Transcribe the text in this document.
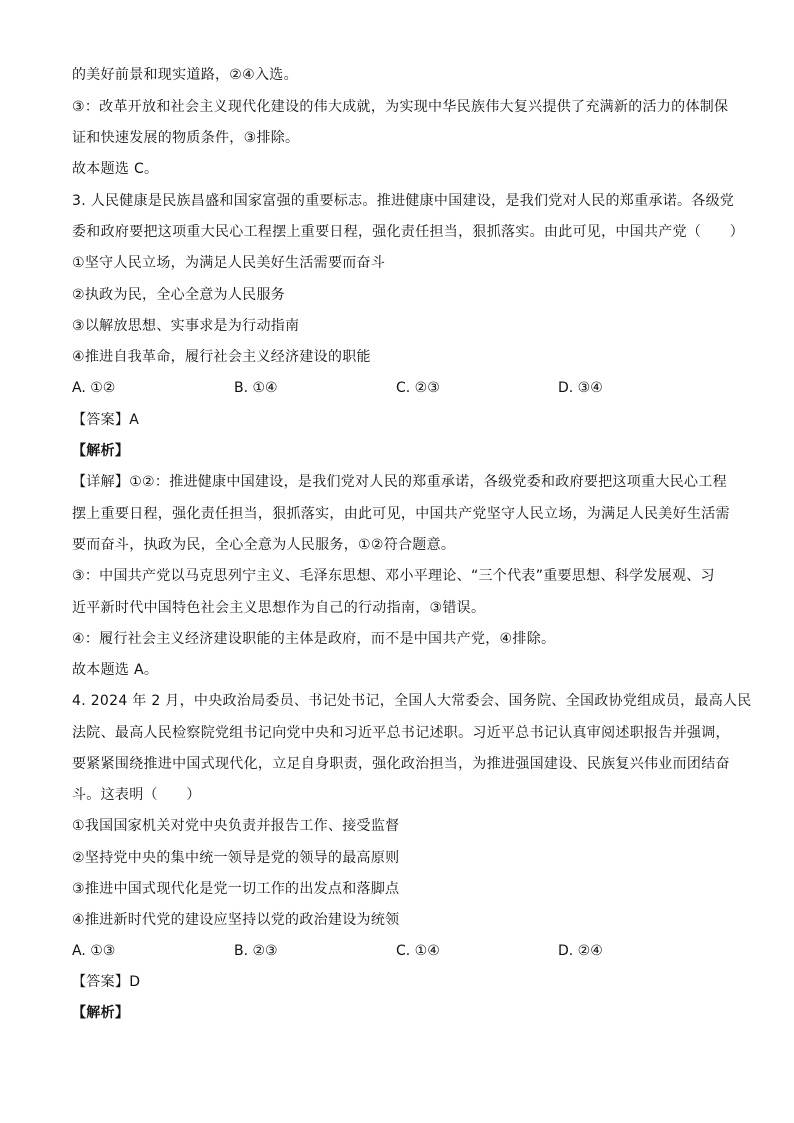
的美好前景和现实道路，②④入选。
③：改革开放和社会主义现代化建设的伟大成就，为实现中华民族伟大复兴提供了充满新的活力的体制保
证和快速发展的物质条件，③排除。
故本题选 C。
3. 人民健康是民族昌盛和国家富强的重要标志。推进健康中国建设，是我们党对人民的郑重承诺。各级党
委和政府要把这项重大民心工程摆上重要日程，强化责任担当，狠抓落实。由此可见，中国共产党（　　）
①坚守人民立场，为满足人民美好生活需要而奋斗
②执政为民，全心全意为人民服务
③以解放思想、实事求是为行动指南
④推进自我革命，履行社会主义经济建设的职能
A. ①②	B. ①④	C. ②③	D. ③④
【答案】A
【解析】
【详解】①②：推进健康中国建设，是我们党对人民的郑重承诺，各级党委和政府要把这项重大民心工程
摆上重要日程，强化责任担当，狠抓落实，由此可见，中国共产党坚守人民立场，为满足人民美好生活需
要而奋斗，执政为民，全心全意为人民服务，①②符合题意。
③：中国共产党以马克思列宁主义、毛泽东思想、邓小平理论、“三个代表”重要思想、科学发展观、习
近平新时代中国特色社会主义思想作为自己的行动指南，③错误。
④：履行社会主义经济建设职能的主体是政府，而不是中国共产党，④排除。
故本题选 A。
4. 2024 年 2 月，中央政治局委员、书记处书记，全国人大常委会、国务院、全国政协党组成员，最高人民
法院、最高人民检察院党组书记向党中央和习近平总书记述职。习近平总书记认真审阅述职报告并强调，
要紧紧围绕推进中国式现代化，立足自身职责，强化政治担当，为推进强国建设、民族复兴伟业而团结奋
斗。这表明（　　）
①我国国家机关对党中央负责并报告工作、接受监督
②坚持党中央的集中统一领导是党的领导的最高原则
③推进中国式现代化是党一切工作的出发点和落脚点
④推进新时代党的建设应坚持以党的政治建设为统领
A. ①③	B. ②③	C. ①④	D. ②④
【答案】D
【解析】
